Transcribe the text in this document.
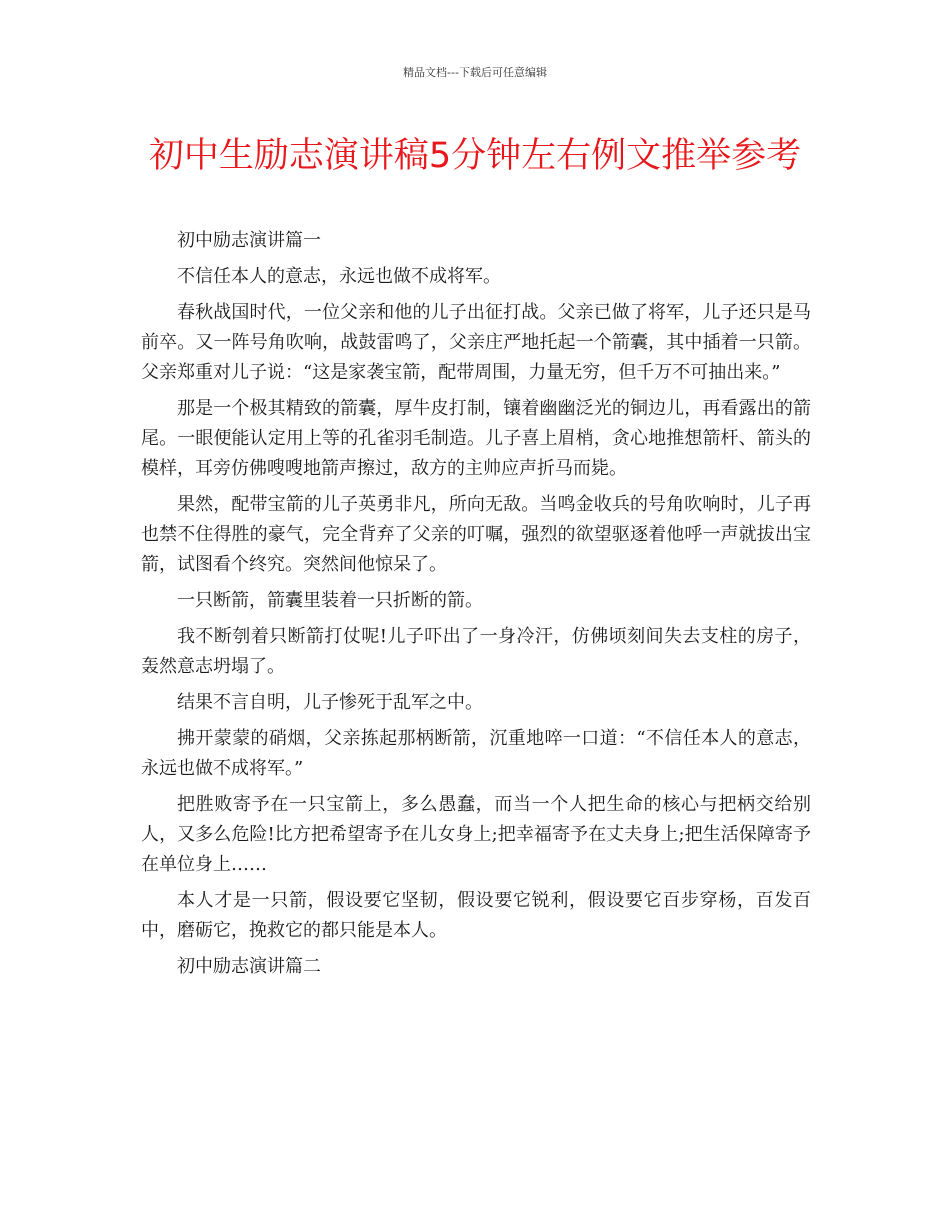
精品文档---下载后可任意编辑
初中生励志演讲稿5分钟左右例文推举参考

初中励志演讲篇一

不信任本人的意志，永远也做不成将军。

春秋战国时代，一位父亲和他的儿子出征打战。父亲已做了将军，儿子还只是马前卒。又一阵号角吹响，战鼓雷鸣了，父亲庄严地托起一个箭囊，其中插着一只箭。父亲郑重对儿子说：“这是家袭宝箭，配带周围，力量无穷，但千万不可抽出来。”

那是一个极其精致的箭囊，厚牛皮打制，镶着幽幽泛光的铜边儿，再看露出的箭尾。一眼便能认定用上等的孔雀羽毛制造。儿子喜上眉梢，贪心地推想箭杆、箭头的模样，耳旁仿佛嗖嗖地箭声擦过，敌方的主帅应声折马而毙。

果然，配带宝箭的儿子英勇非凡，所向无敌。当鸣金收兵的号角吹响时，儿子再也禁不住得胜的豪气，完全背弃了父亲的叮嘱，强烈的欲望驱逐着他呼一声就拔出宝箭，试图看个终究。突然间他惊呆了。

一只断箭，箭囊里装着一只折断的箭。

我不断刳着只断箭打仗呢!儿子吓出了一身冷汗，仿佛顷刻间失去支柱的房子，轰然意志坍塌了。

结果不言自明，儿子惨死于乱军之中。

拂开蒙蒙的硝烟，父亲拣起那柄断箭，沉重地啐一口道：“不信任本人的意志，永远也做不成将军。”

把胜败寄予在一只宝箭上，多么愚蠢，而当一个人把生命的核心与把柄交给别人，又多么危险!比方把希望寄予在儿女身上;把幸福寄予在丈夫身上;把生活保障寄予在单位身上……

本人才是一只箭，假设要它坚韧，假设要它锐利，假设要它百步穿杨，百发百中，磨砺它，挽救它的都只能是本人。

初中励志演讲篇二
